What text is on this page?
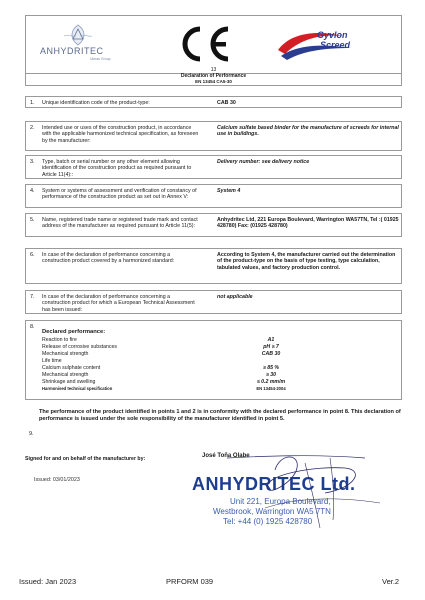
ANHYDRITEC
Ulmas Group
13
Gyvlon
Screed
Declaration of Performance
EN 13454 CA5-30
1. Unique identification code of the product-type:	CAB 30
2. Intended use or uses of the construction product, in accordance with the applicable harmonized technical specification, as foreseen by the manufacturer:
Calcium sulfate based binder for the manufacture of screeds for internal use in buildings.
3. Type, batch or serial number or any other element allowing identification of the construction product as required pursuant to Article 11(4)::
Delivery number: see delivery notice
4. System or systems of assessment and verification of constancy of performance of the construction product as set out in Annex V:
System 4
5. Name, registered trade name or registered trade mark and contact address of the manufacturer as required pursuant to Article 11(5):
Anhydritec Ltd, 221 Europa Boulevard, Warrington WA57TN, Tel :( 01925 428780) Fax: (01925 428780)
6. In case of the declaration of performance concerning a construction product covered by a harmonized standard:
According to System 4, the manufacturer carried out the determination of the product-type on the basis of type testing, type calculation, tabulated values, and factory production control.
7. In case of the declaration of performance concerning a construction product for which a European Technical Assessment has been issued:
not applicable
8.
Declared performance:
Reaction to fire	A1
Release of corrosive substances	pH ≥ 7
Mechanical strength	CAB 30
Life time
Calcium sulphate content	≥ 85 %
Mechanical strength	≥ 30
Shrinkage and swelling	≤ 0.2 mm/m
Harmonised technical specification	EN 13454-2004
9.
The performance of the product identified in points 1 and 2 is in conformity with the declared performance in point 8. This declaration of performance is issued under the sole responsibility of the manufacturer identified in point 5.
Signed for and on behalf of the manufacturer by:	José Toña Olabe
Issued: 03/01/2023	ANHYDRITEC Ltd.
Unit 221, Europa Boulevard,
Westbrook, Warrington WA5 7TN
Tel: +44 (0) 1925 428780
Issued: Jan 2023	PRFORM 039	Ver.2
